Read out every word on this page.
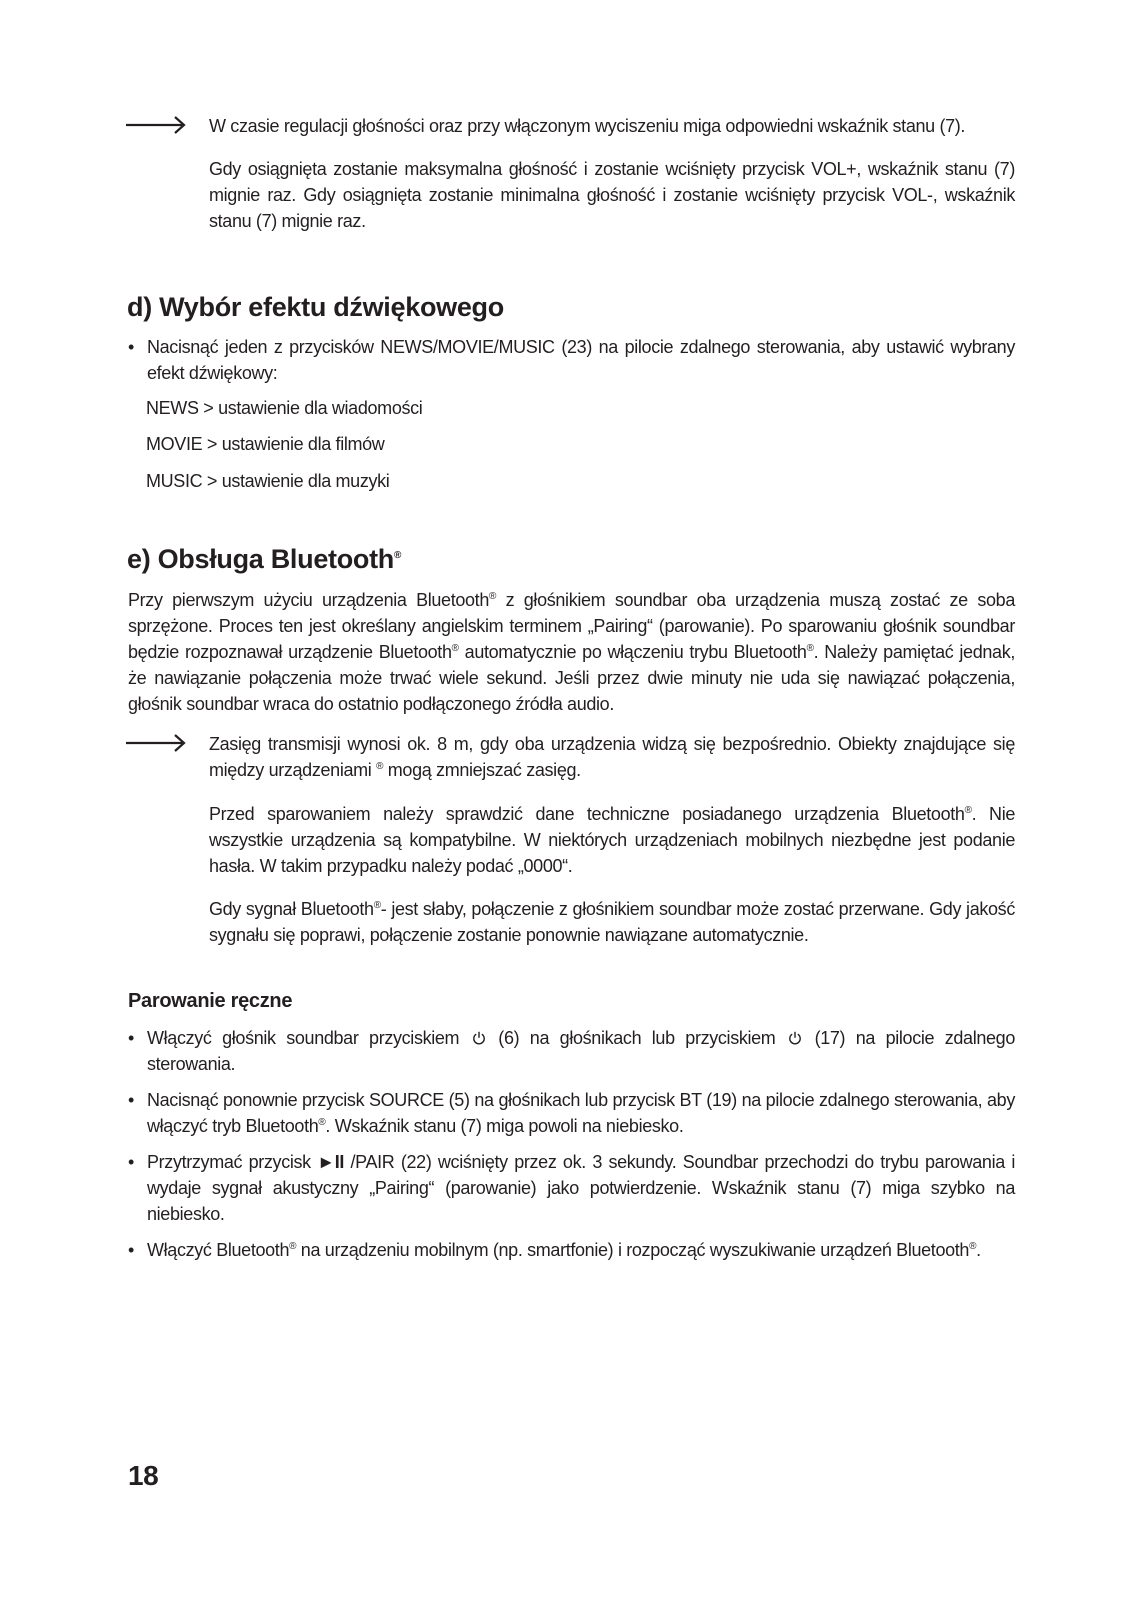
W czasie regulacji głośności oraz przy włączonym wyciszeniu miga odpowiedni wskaźnik stanu (7).
Gdy osiągnięta zostanie maksymalna głośność i zostanie wciśnięty przycisk VOL+, wskaźnik stanu (7) mignie raz. Gdy osiągnięta zostanie minimalna głośność i zostanie wciśnięty przycisk VOL-, wskaźnik stanu (7) mignie raz.
d) Wybór efektu dźwiękowego
• Nacisnąć jeden z przycisków NEWS/MOVIE/MUSIC (23) na pilocie zdalnego sterowania, aby ustawić wybrany efekt dźwiękowy:
NEWS > ustawienie dla wiadomości
MOVIE > ustawienie dla filmów
MUSIC > ustawienie dla muzyki
e) Obsługa Bluetooth®
Przy pierwszym użyciu urządzenia Bluetooth® z głośnikiem soundbar oba urządzenia muszą zostać ze soba sprzężone. Proces ten jest określany angielskim terminem „Pairing“ (parowanie). Po sparowaniu głośnik soundbar będzie rozpoznawał urządzenie Bluetooth® automatycznie po włączeniu trybu Bluetooth®. Należy pamiętać jednak, że nawiązanie połączenia może trwać wiele sekund. Jeśli przez dwie minuty nie uda się nawiązać połączenia, głośnik soundbar wraca do ostatnio podłączonego źródła audio.
Zasięg transmisji wynosi ok. 8 m, gdy oba urządzenia widzą się bezpośrednio. Obiekty znajdujące się między urządzeniami ® mogą zmniejszać zasięg.
Przed sparowaniem należy sprawdzić dane techniczne posiadanego urządzenia Bluetooth®. Nie wszystkie urządzenia są kompatybilne. W niektórych urządzeniach mobilnych niezbędne jest podanie hasła. W takim przypadku należy podać „0000“.
Gdy sygnał Bluetooth®- jest słaby, połączenie z głośnikiem soundbar może zostać przerwane. Gdy jakość sygnału się poprawi, połączenie zostanie ponownie nawiązane automatycznie.
Parowanie ręczne
• Włączyć głośnik soundbar przyciskiem  (6) na głośnikach lub przyciskiem  (17) na pilocie zdalnego sterowania.
• Nacisnąć ponownie przycisk SOURCE (5) na głośnikach lub przycisk BT (19) na pilocie zdalnego sterowania, aby włączyć tryb Bluetooth®. Wskaźnik stanu (7) miga powoli na niebiesko.
• Przytrzymać przycisk ►II /PAIR (22) wciśnięty przez ok. 3 sekundy. Soundbar przechodzi do trybu parowania i wydaje sygnał akustyczny „Pairing“ (parowanie) jako potwierdzenie. Wskaźnik stanu (7) miga szybko na niebiesko.
• Włączyć Bluetooth® na urządzeniu mobilnym (np. smartfonie) i rozpocząć wyszukiwanie urządzeń Bluetooth®.
18
